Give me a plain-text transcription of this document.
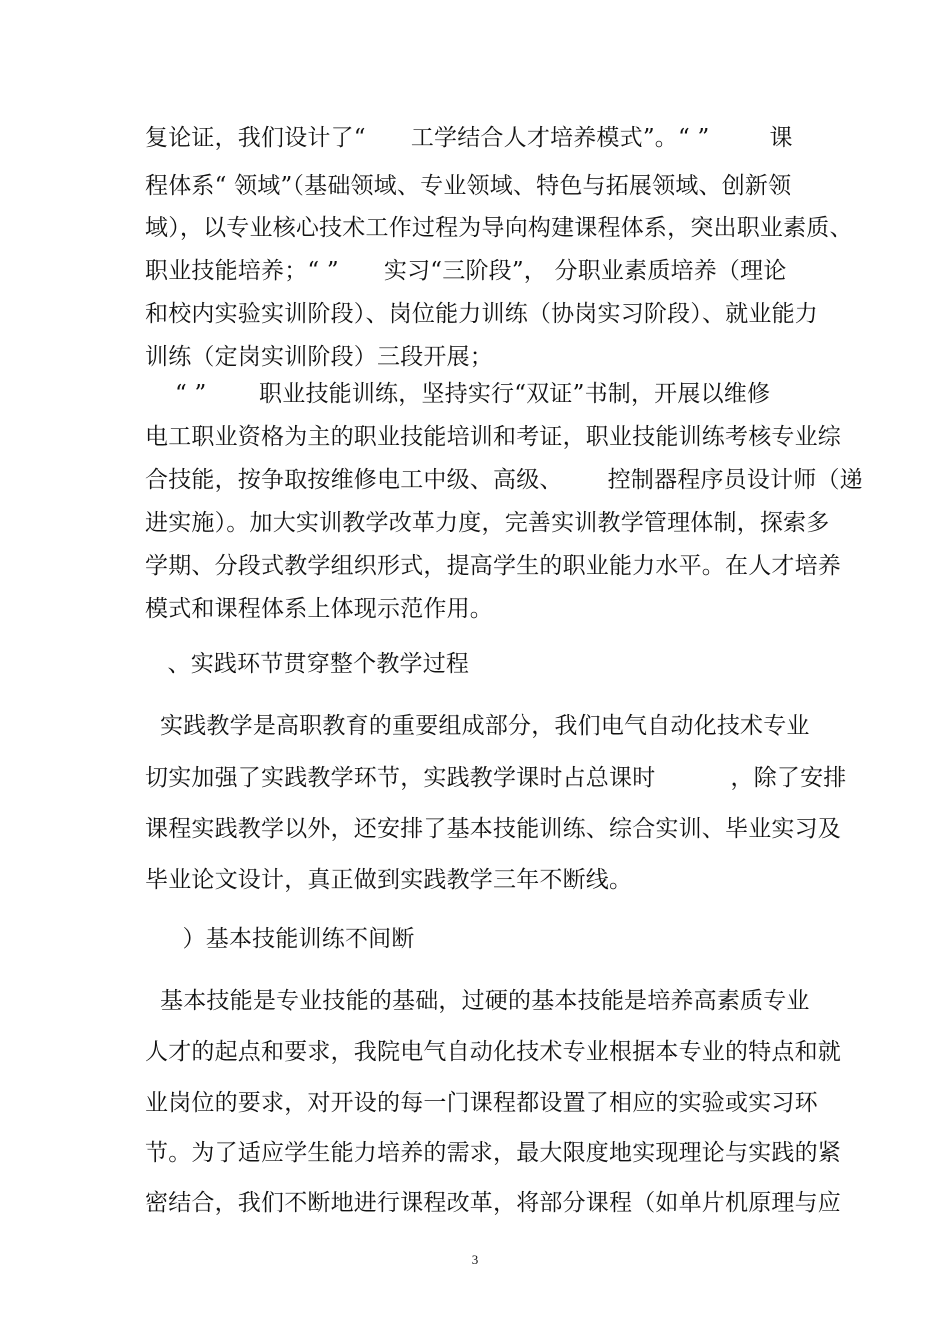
复论证，我们设计了“      工学结合人才培养模式”。“ ”        课
程体系“ 领域”（基础领域、专业领域、特色与拓展领域、创新领
域），以专业核心技术工作过程为导向构建课程体系，突出职业素质、
职业技能培养；“ ”      实习“三阶段”， 分职业素质培养（理论
和校内实验实训阶段）、岗位能力训练（协岗实习阶段）、就业能力
训练（定岗实训阶段）三段开展；
“ ”       职业技能训练，坚持实行“双证”书制，开展以维修
电工职业资格为主的职业技能培训和考证，职业技能训练考核专业综
合技能，按争取按维修电工中级、高级、      控制器程序员设计师（递
进实施）。加大实训教学改革力度，完善实训教学管理体制，探索多
学期、分段式教学组织形式，提高学生的职业能力水平。在人才培养
模式和课程体系上体现示范作用。
、实践环节贯穿整个教学过程
实践教学是高职教育的重要组成部分，我们电气自动化技术专业
切实加强了实践教学环节，实践教学课时占总课时          ，除了安排
课程实践教学以外，还安排了基本技能训练、综合实训、毕业实习及
毕业论文设计，真正做到实践教学三年不断线。
）基本技能训练不间断
基本技能是专业技能的基础，过硬的基本技能是培养高素质专业
人才的起点和要求，我院电气自动化技术专业根据本专业的特点和就
业岗位的要求，对开设的每一门课程都设置了相应的实验或实习环
节。为了适应学生能力培养的需求，最大限度地实现理论与实践的紧
密结合，我们不断地进行课程改革，将部分课程（如单片机原理与应
3
